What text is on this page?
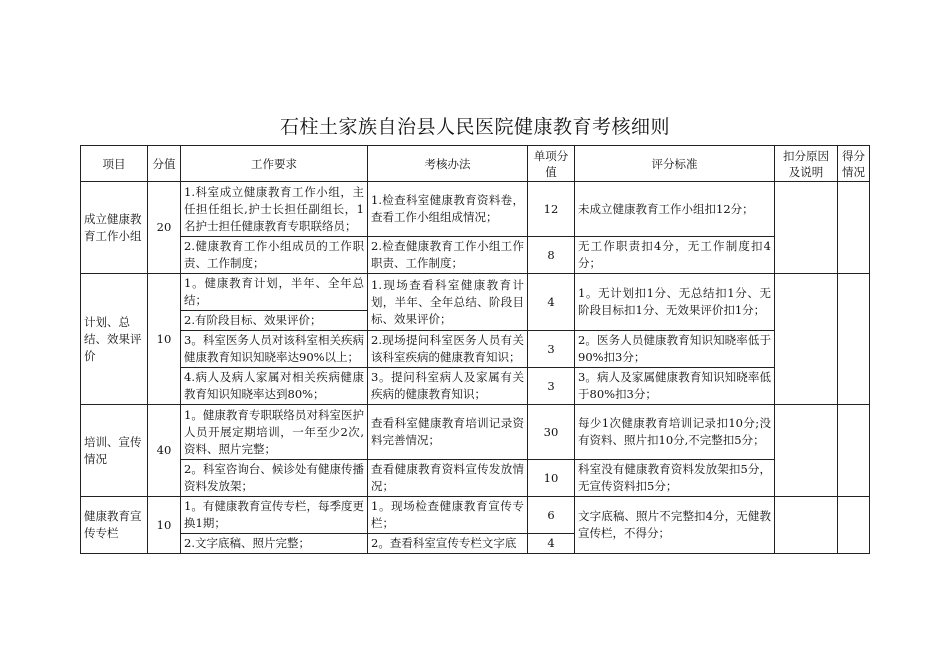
石柱土家族自治县人民医院健康教育考核细则
项目	分值	工作要求	考核办法	单项分值	评分标准	扣分原因及说明	得分情况
成立健康教育工作小组	20	1.科室成立健康教育工作小组，主任担任组长,护士长担任副组长，1名护士担任健康教育专职联络员；	1.检查科室健康教育资料卷，查看工作小组组成情况；	12	未成立健康教育工作小组扣12分；		
		2.健康教育工作小组成员的工作职责、工作制度；	2.检查健康教育工作小组工作职责、工作制度；	8	无工作职责扣4分，无工作制度扣4分；		
计划、总结、效果评价	10	1。健康教育计划，半年、全年总结；	1.现场查看科室健康教育计划，半年、全年总结、阶段目标、效果评价；	4	1。无计划扣1分、无总结扣1分、无阶段目标扣1分、无效果评价扣1分；		
		2.有阶段目标、效果评价；					
		3。科室医务人员对该科室相关疾病健康教育知识知晓率达90%以上；	2.现场提问科室医务人员有关该科室疾病的健康教育知识；	3	2。医务人员健康教育知识知晓率低于90%扣3分；		
		4.病人及病人家属对相关疾病健康教育知识知晓率达到80%；	3。提问科室病人及家属有关疾病的健康教育知识；	3	3。病人及家属健康教育知识知晓率低于80%扣3分；		
培训、宣传情况	40	1。健康教育专职联络员对科室医护人员开展定期培训，一年至少2次,资料、照片完整；	查看科室健康教育培训记录资料完善情况；	30	每少1次健康教育培训记录扣10分;没有资料、照片扣10分,不完整扣5分；		
		2。科室咨询台、候诊处有健康传播资料发放架；	查看健康教育资料宣传发放情况；	10	科室没有健康教育资料发放架扣5分，无宣传资料扣5分；		
健康教育宣传专栏	10	1。有健康教育宣传专栏，每季度更换1期；	1。现场检查健康教育宣传专栏；	6	文字底稿、照片不完整扣4分，无健教宣传栏，不得分；		
		2.文字底稿、照片完整；	2。查看科室宣传专栏文字底	4			
